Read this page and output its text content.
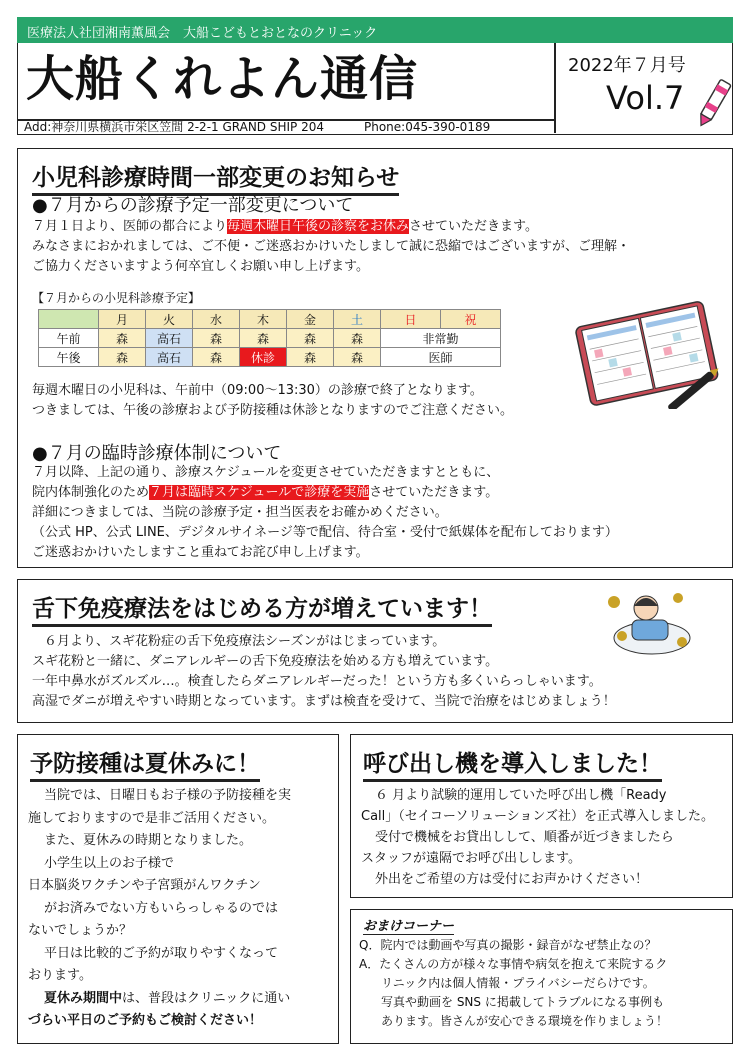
医療法人社団湘南薫風会　大船こどもとおとなのクリニック
大船くれよん通信
Add:神奈川県横浜市栄区笠間 2-2-1 GRAND SHIP 204	Phone:045-390-0189
2022年７月号
Vol.7
小児科診療時間一部変更のお知らせ
●７月からの診療予定一部変更について

７月１日より、医師の都合により毎週木曜日午後の診察をお休みさせていただきます。

みなさまにおかれましては、ご不便・ご迷惑おかけいたしまして誠に恐縮ではございますが、ご理解・

ご協力くださいますよう何卒宜しくお願い申し上げます。

【７月からの小児科診療予定】
	月	火	水	木	金	土	日	祝
午前	森	高石	森	森	森	森	非常勤	
午後	森	高石	森	休診	森	森	医師	

毎週木曜日の小児科は、午前中（09:00～13:30）の診療で終了となります。

つきましては、午後の診療および予防接種は休診となりますのでご注意ください。

●７月の臨時診療体制について

７月以降、上記の通り、診療スケジュールを変更させていただきますとともに、

院内体制強化のため７月は臨時スケジュールで診療を実施させていただきます。

詳細につきましては、当院の診療予定・担当医表をお確かめください。

（公式 HP、公式 LINE、デジタルサイネージ等で配信、待合室・受付で紙媒体を配布しております）

ご迷惑おかけいたしますこと重ねてお詫び申し上げます。

舌下免疫療法をはじめる方が増えています！

６月より、スギ花粉症の舌下免疫療法シーズンがはじまっています。

スギ花粉と一緒に、ダニアレルギーの舌下免疫療法を始める方も増えています。

一年中鼻水がズルズル…。検査したらダニアレルギーだった！という方も多くいらっしゃいます。

高湿でダニが増えやすい時期となっています。まずは検査を受けて、当院で治療をはじめましょう！

予防接種は夏休みに！

当院では、日曜日もお子様の予防接種を実

施しておりますので是非ご活用ください。

また、夏休みの時期となりました。

小学生以上のお子様で

日本脳炎ワクチンや子宮頸がんワクチン

がお済みでない方もいらっしゃるのでは

ないでしょうか？

平日は比較的ご予約が取りやすくなって

おります。

夏休み期間中は、普段はクリニックに通い

づらい平日のご予約もご検討ください！

呼び出し機を導入しました！

６ 月より試験的運用していた呼び出し機「Ready

Call」（セイコーソリューションズ社）を正式導入しました。

受付で機械をお貸出しして、順番が近づきましたら

スタッフが遠隔でお呼び出しします。

外出をご希望の方は受付にお声かけください！

おまけコーナー

Q．院内では動画や写真の撮影・録音がなぜ禁止なの？

A．たくさんの方が様々な事情や病気を抱えて来院するク

リニック内は個人情報・プライバシーだらけです。

写真や動画を SNS に掲載してトラブルになる事例も

あります。皆さんが安心できる環境を作りましょう！
